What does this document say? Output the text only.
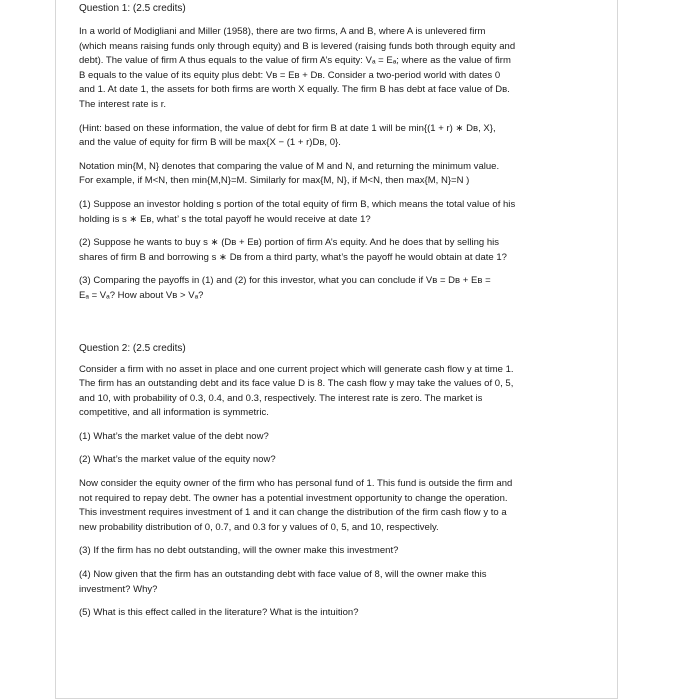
Question 1: (2.5 credits)

In a world of Modigliani and Miller (1958), there are two firms, A and B, where A is unlevered firm
(which means raising funds only through equity) and B is levered (raising funds both through equity and
debt). The value of firm A thus equals to the value of firm A’s equity: Vₐ = Eₐ; where as the value of firm
B equals to the value of its equity plus debt: Vʙ = Eʙ + Dʙ. Consider a two-period world with dates 0
and 1. At date 1, the assets for both firms are worth X equally. The firm B has debt at face value of Dʙ.
The interest rate is r.

(Hint: based on these information, the value of debt for firm B at date 1 will be min{(1 + r) ∗ Dʙ, X},
and the value of equity for firm B will be max{X − (1 + r)Dʙ, 0}.

Notation min{M, N} denotes that comparing the value of M and N, and returning the minimum value.
For example, if M<N, then min{M,N}=M. Similarly for max{M, N}, if M<N, then max{M, N}=N )

(1) Suppose an investor holding s portion of the total equity of firm B, which means the total value of his
holding is s ∗ Eʙ, what’ s the total payoff he would receive at date 1?

(2) Suppose he wants to buy s ∗ (Dʙ + Eʙ) portion of firm A’s equity. And he does that by selling his
shares of firm B and borrowing s ∗ Dʙ from a third party, what’s the payoff he would obtain at date 1?

(3) Comparing the payoffs in (1) and (2) for this investor, what you can conclude if Vʙ = Dʙ + Eʙ =
Eₐ = Vₐ? How about Vʙ > Vₐ?

Question 2: (2.5 credits)

Consider a firm with no asset in place and one current project which will generate cash flow y at time 1.
The firm has an outstanding debt and its face value D is 8. The cash flow y may take the values of 0, 5,
and 10, with probability of 0.3, 0.4, and 0.3, respectively. The interest rate is zero. The market is
competitive, and all information is symmetric.

(1) What’s the market value of the debt now?

(2) What’s the market value of the equity now?

Now consider the equity owner of the firm who has personal fund of 1. This fund is outside the firm and
not required to repay debt. The owner has a potential investment opportunity to change the operation.
This investment requires investment of 1 and it can change the distribution of the firm cash flow y to a
new probability distribution of 0, 0.7, and 0.3 for y values of 0, 5, and 10, respectively.

(3) If the firm has no debt outstanding, will the owner make this investment?

(4) Now given that the firm has an outstanding debt with face value of 8, will the owner make this
investment? Why?

(5) What is this effect called in the literature? What is the intuition?
